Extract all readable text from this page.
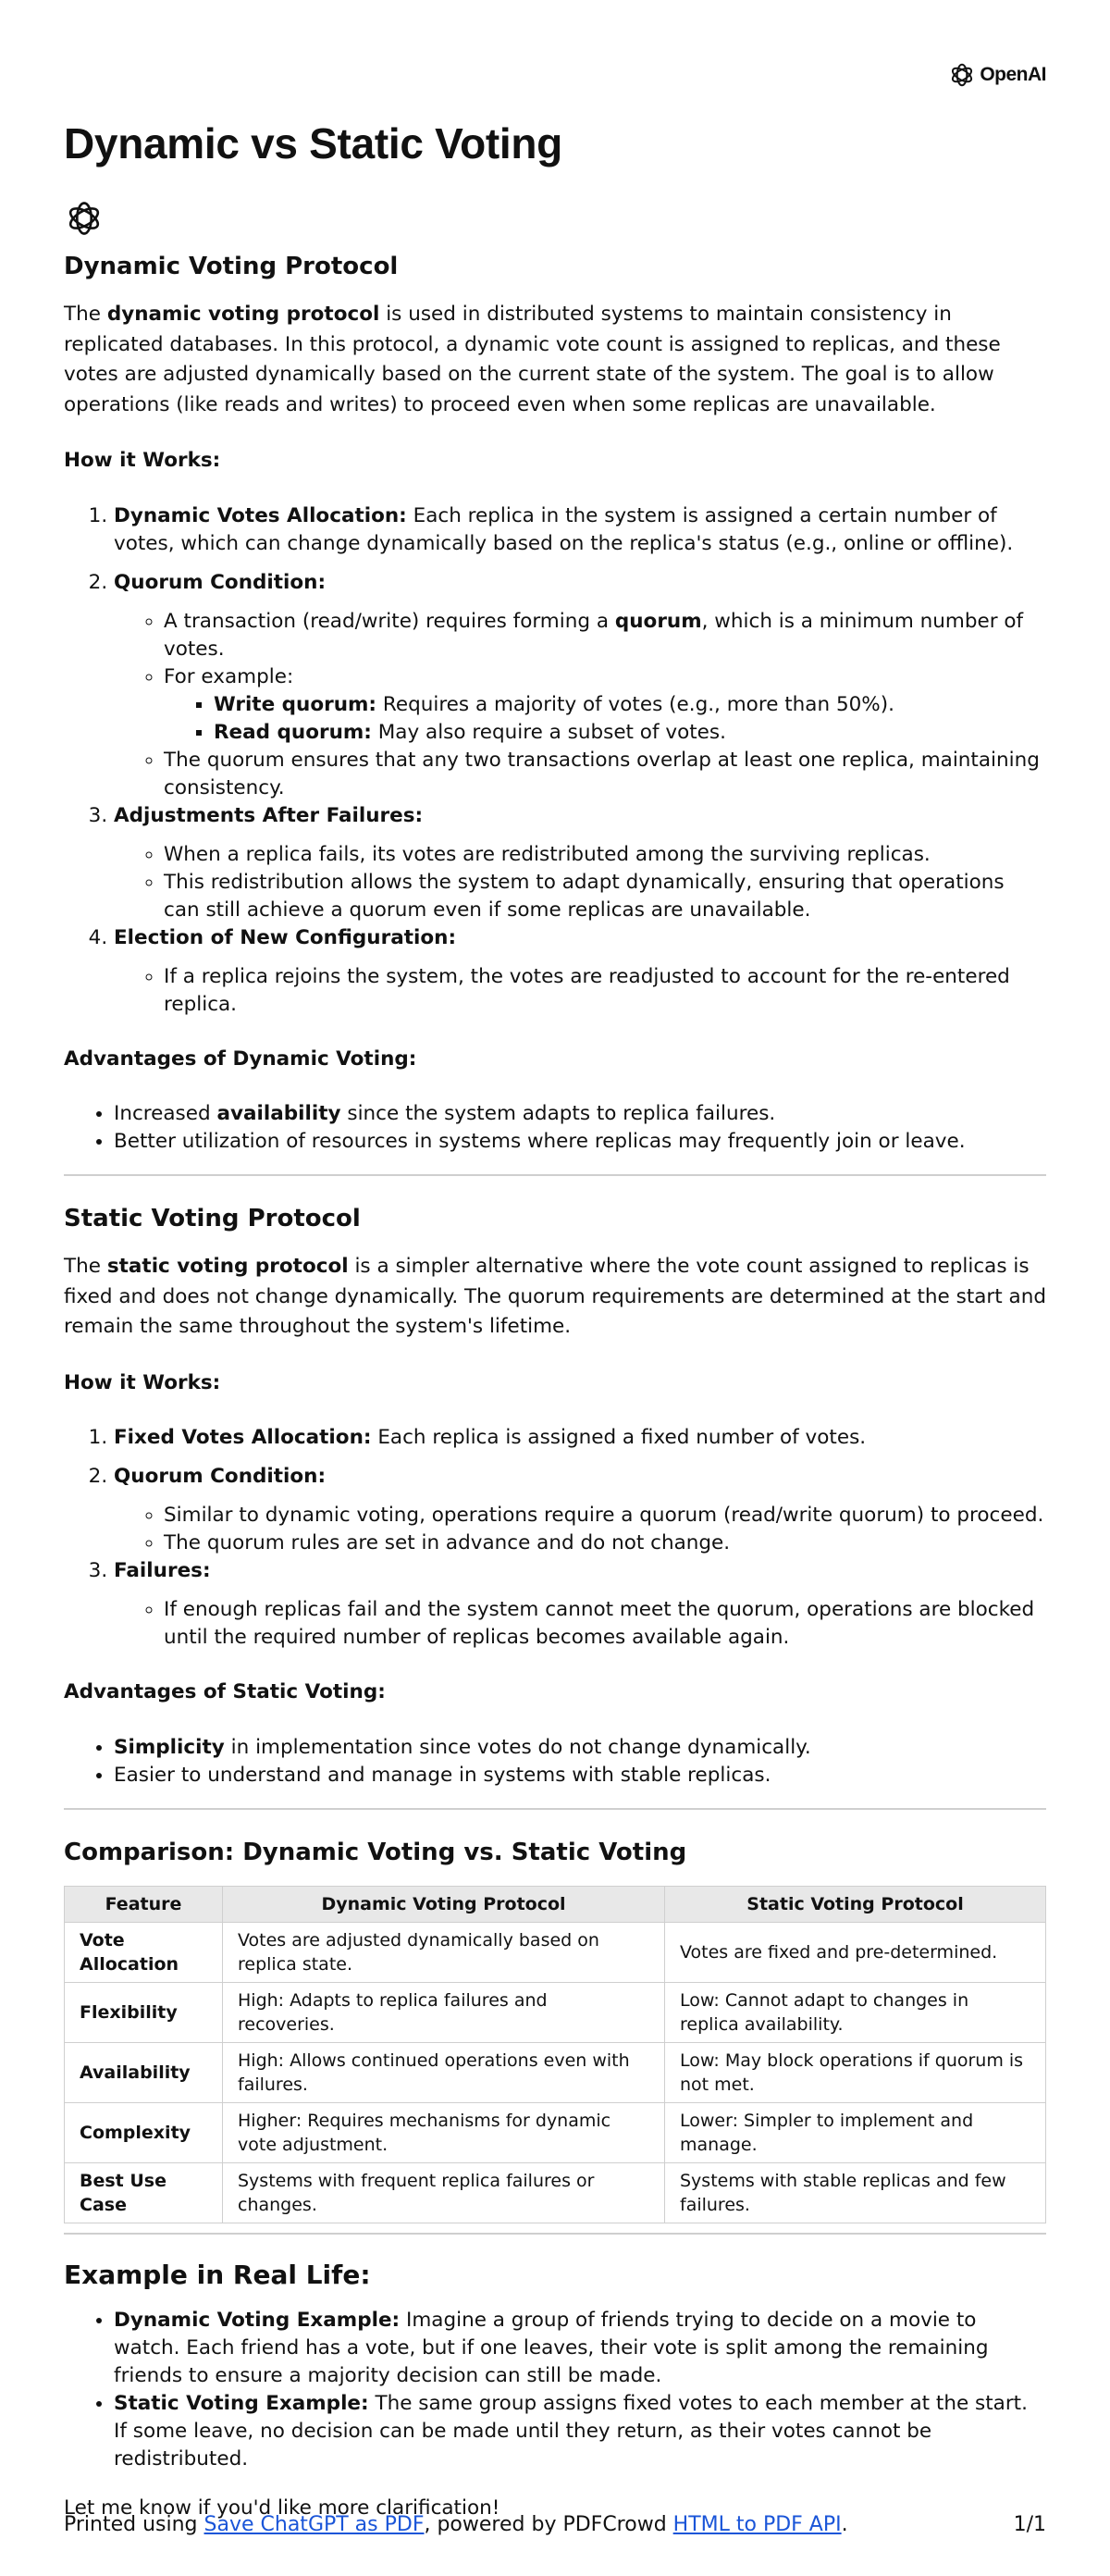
OpenAI
Dynamic vs Static Voting
Dynamic Voting Protocol

The dynamic voting protocol is used in distributed systems to maintain consistency in replicated databases. In this protocol, a dynamic vote count is assigned to replicas, and these votes are adjusted dynamically based on the current state of the system. The goal is to allow operations (like reads and writes) to proceed even when some replicas are unavailable.

How it Works:

1. Dynamic Votes Allocation: Each replica in the system is assigned a certain number of votes, which can change dynamically based on the replica's status (e.g., online or offline).
2. Quorum Condition:
◦ A transaction (read/write) requires forming a quorum, which is a minimum number of votes.
◦ For example:
▪ Write quorum: Requires a majority of votes (e.g., more than 50%).
▪ Read quorum: May also require a subset of votes.
◦ The quorum ensures that any two transactions overlap at least one replica, maintaining consistency.
3. Adjustments After Failures:
◦ When a replica fails, its votes are redistributed among the surviving replicas.
◦ This redistribution allows the system to adapt dynamically, ensuring that operations can still achieve a quorum even if some replicas are unavailable.
4. Election of New Configuration:
◦ If a replica rejoins the system, the votes are readjusted to account for the re-entered replica.

Advantages of Dynamic Voting:

• Increased availability since the system adapts to replica failures.
• Better utilization of resources in systems where replicas may frequently join or leave.
Static Voting Protocol

The static voting protocol is a simpler alternative where the vote count assigned to replicas is fixed and does not change dynamically. The quorum requirements are determined at the start and remain the same throughout the system's lifetime.

How it Works:

1. Fixed Votes Allocation: Each replica is assigned a fixed number of votes.
2. Quorum Condition:
◦ Similar to dynamic voting, operations require a quorum (read/write quorum) to proceed.
◦ The quorum rules are set in advance and do not change.
3. Failures:
◦ If enough replicas fail and the system cannot meet the quorum, operations are blocked until the required number of replicas becomes available again.

Advantages of Static Voting:

• Simplicity in implementation since votes do not change dynamically.
• Easier to understand and manage in systems with stable replicas.
Comparison: Dynamic Voting vs. Static Voting
Feature	Dynamic Voting Protocol	Static Voting Protocol
Vote Allocation	Votes are adjusted dynamically based on replica state.	Votes are fixed and pre-determined.
Flexibility	High: Adapts to replica failures and recoveries.	Low: Cannot adapt to changes in replica availability.
Availability	High: Allows continued operations even with failures.	Low: May block operations if quorum is not met.
Complexity	Higher: Requires mechanisms for dynamic vote adjustment.	Lower: Simpler to implement and manage.
Best Use Case	Systems with frequent replica failures or changes.	Systems with stable replicas and few failures.
Example in Real Life:
• Dynamic Voting Example: Imagine a group of friends trying to decide on a movie to watch. Each friend has a vote, but if one leaves, their vote is split among the remaining friends to ensure a majority decision can still be made.
• Static Voting Example: The same group assigns fixed votes to each member at the start. If some leave, no decision can be made until they return, as their votes cannot be redistributed.

Let me know if you'd like more clarification!

Printed using Save ChatGPT as PDF, powered by PDFCrowd HTML to PDF API.	1/1
